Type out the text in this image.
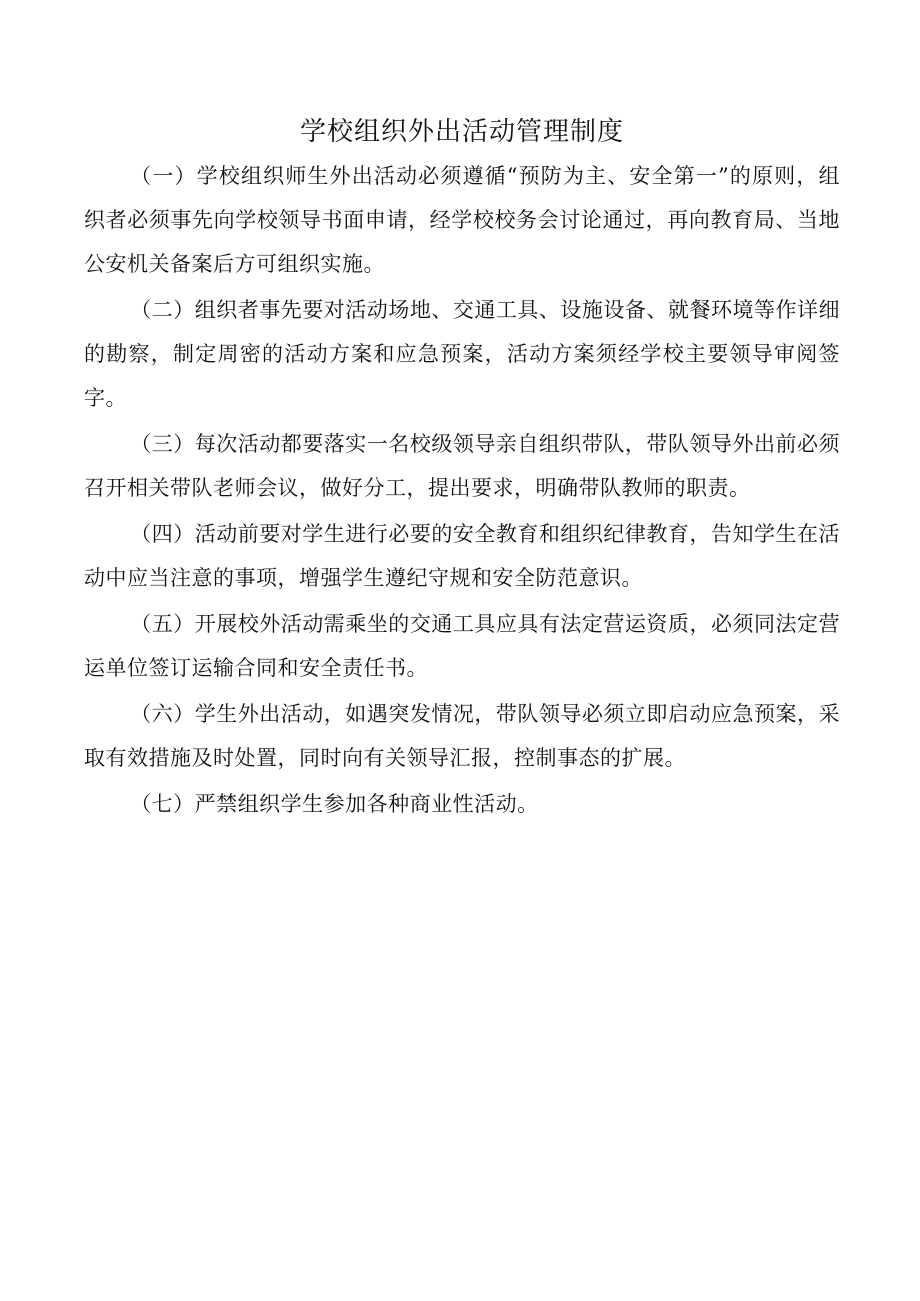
学校组织外出活动管理制度

（一）学校组织师生外出活动必须遵循“预防为主、安全第一”的原则，组织者必须事先向学校领导书面申请，经学校校务会讨论通过，再向教育局、当地公安机关备案后方可组织实施。

（二）组织者事先要对活动场地、交通工具、设施设备、就餐环境等作详细的勘察，制定周密的活动方案和应急预案，活动方案须经学校主要领导审阅签字。

（三）每次活动都要落实一名校级领导亲自组织带队，带队领导外出前必须召开相关带队老师会议，做好分工，提出要求，明确带队教师的职责。

（四）活动前要对学生进行必要的安全教育和组织纪律教育，告知学生在活动中应当注意的事项，增强学生遵纪守规和安全防范意识。

（五）开展校外活动需乘坐的交通工具应具有法定营运资质，必须同法定营运单位签订运输合同和安全责任书。

（六）学生外出活动，如遇突发情况，带队领导必须立即启动应急预案，采取有效措施及时处置，同时向有关领导汇报，控制事态的扩展。

（七）严禁组织学生参加各种商业性活动。
